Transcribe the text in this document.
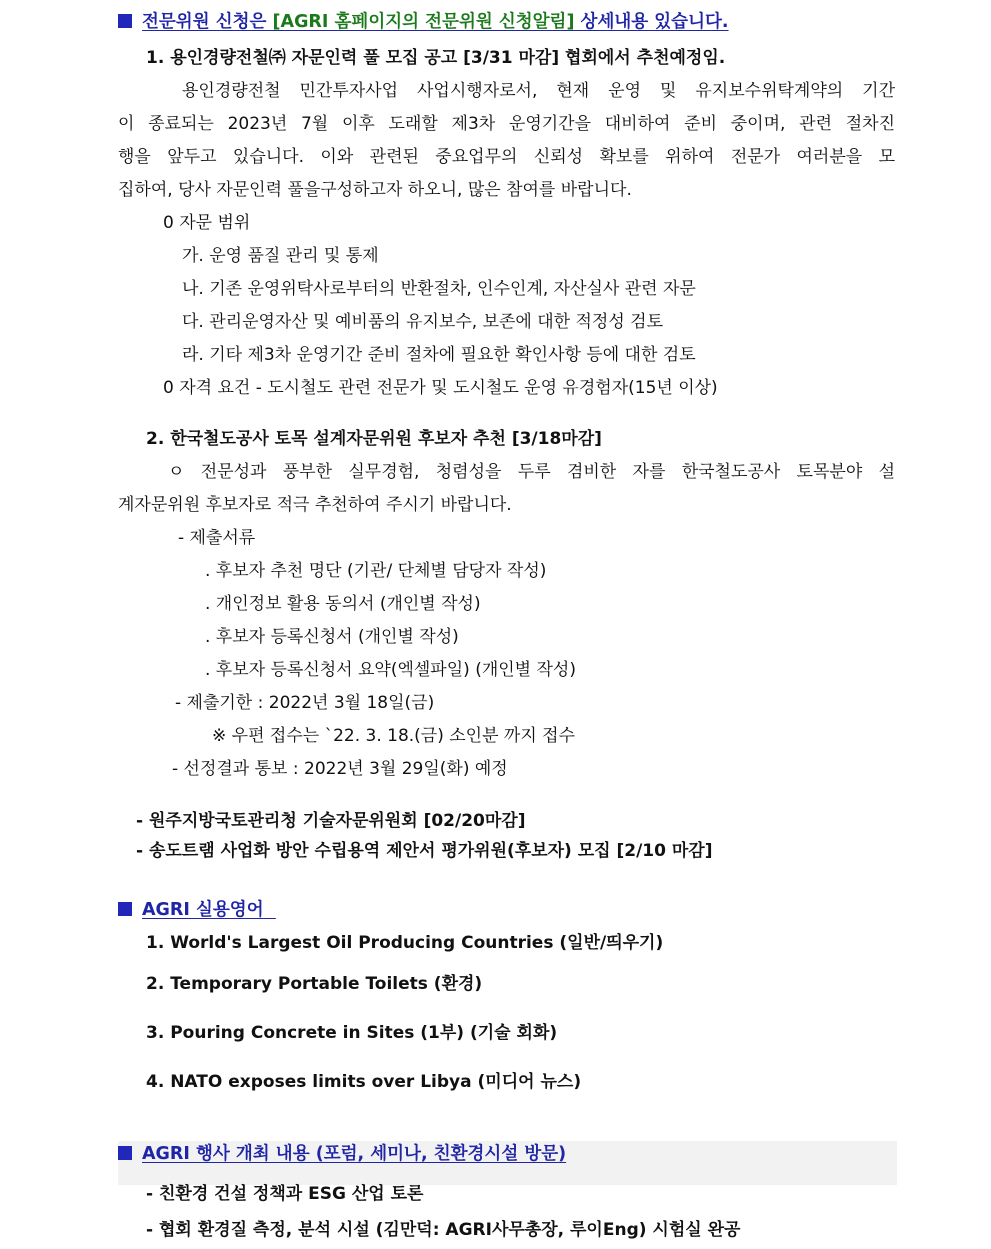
전문위원 신청은 [AGRI 홈페이지의 전문위원 신청알림] 상세내용 있습니다.
1. 용인경량전철㈜ 자문인력 풀 모집 공고 [3/31 마감] 협회에서 추천예정임.
용인경량전철 민간투자사업 사업시행자로서, 현재 운영 및 유지보수위탁계약의 기간
이 종료되는 2023년 7월 이후 도래할 제3차 운영기간을 대비하여 준비 중이며, 관련 절차진
행을 앞두고 있습니다. 이와 관련된 중요업무의 신뢰성 확보를 위하여 전문가 여러분을 모
집하여, 당사 자문인력 풀을구성하고자 하오니, 많은 참여를 바랍니다.
0 자문 범위
가. 운영 품질 관리 및 통제
나. 기존 운영위탁사로부터의 반환절차, 인수인계, 자산실사 관련 자문
다. 관리운영자산 및 예비품의 유지보수, 보존에 대한 적정성 검토
라. 기타 제3차 운영기간 준비 절차에 필요한 확인사항 등에 대한 검토
0 자격 요건 - 도시철도 관련 전문가 및 도시철도 운영 유경험자(15년 이상)
2. 한국철도공사 토목 설계자문위원 후보자 추천 [3/18마감]
ㅇ 전문성과 풍부한 실무경험, 청렴성을 두루 겸비한 자를 한국철도공사 토목분야 설
계자문위원 후보자로 적극 추천하여 주시기 바랍니다.
- 제출서류
. 후보자 추천 명단 (기관/ 단체별 담당자 작성)
. 개인정보 활용 동의서 (개인별 작성)
. 후보자 등록신청서 (개인별 작성)
. 후보자 등록신청서 요약(엑셀파일) (개인별 작성)
- 제출기한 : 2022년 3월 18일(금)
※ 우편 접수는 `22. 3. 18.(금) 소인분 까지 접수
- 선정결과 통보 : 2022년 3월 29일(화) 예정
- 원주지방국토관리청 기술자문위원회 [02/20마감]
- 송도트램 사업화 방안 수립용역 제안서 평가위원(후보자) 모집 [2/10 마감]
AGRI 실용영어
1. World's Largest Oil Producing Countries (일반/띄우기)
2. Temporary Portable Toilets (환경)
3. Pouring Concrete in Sites (1부) (기술 회화)
4. NATO exposes limits over Libya (미디어 뉴스)
AGRI 행사 개최 내용 (포럼, 세미나, 친환경시설 방문)
- 친환경 건설 정책과 ESG 산업 토론
- 협회 환경질 측정, 분석 시설 (김만덕: AGRI사무총장, 루이Eng) 시험실 완공
